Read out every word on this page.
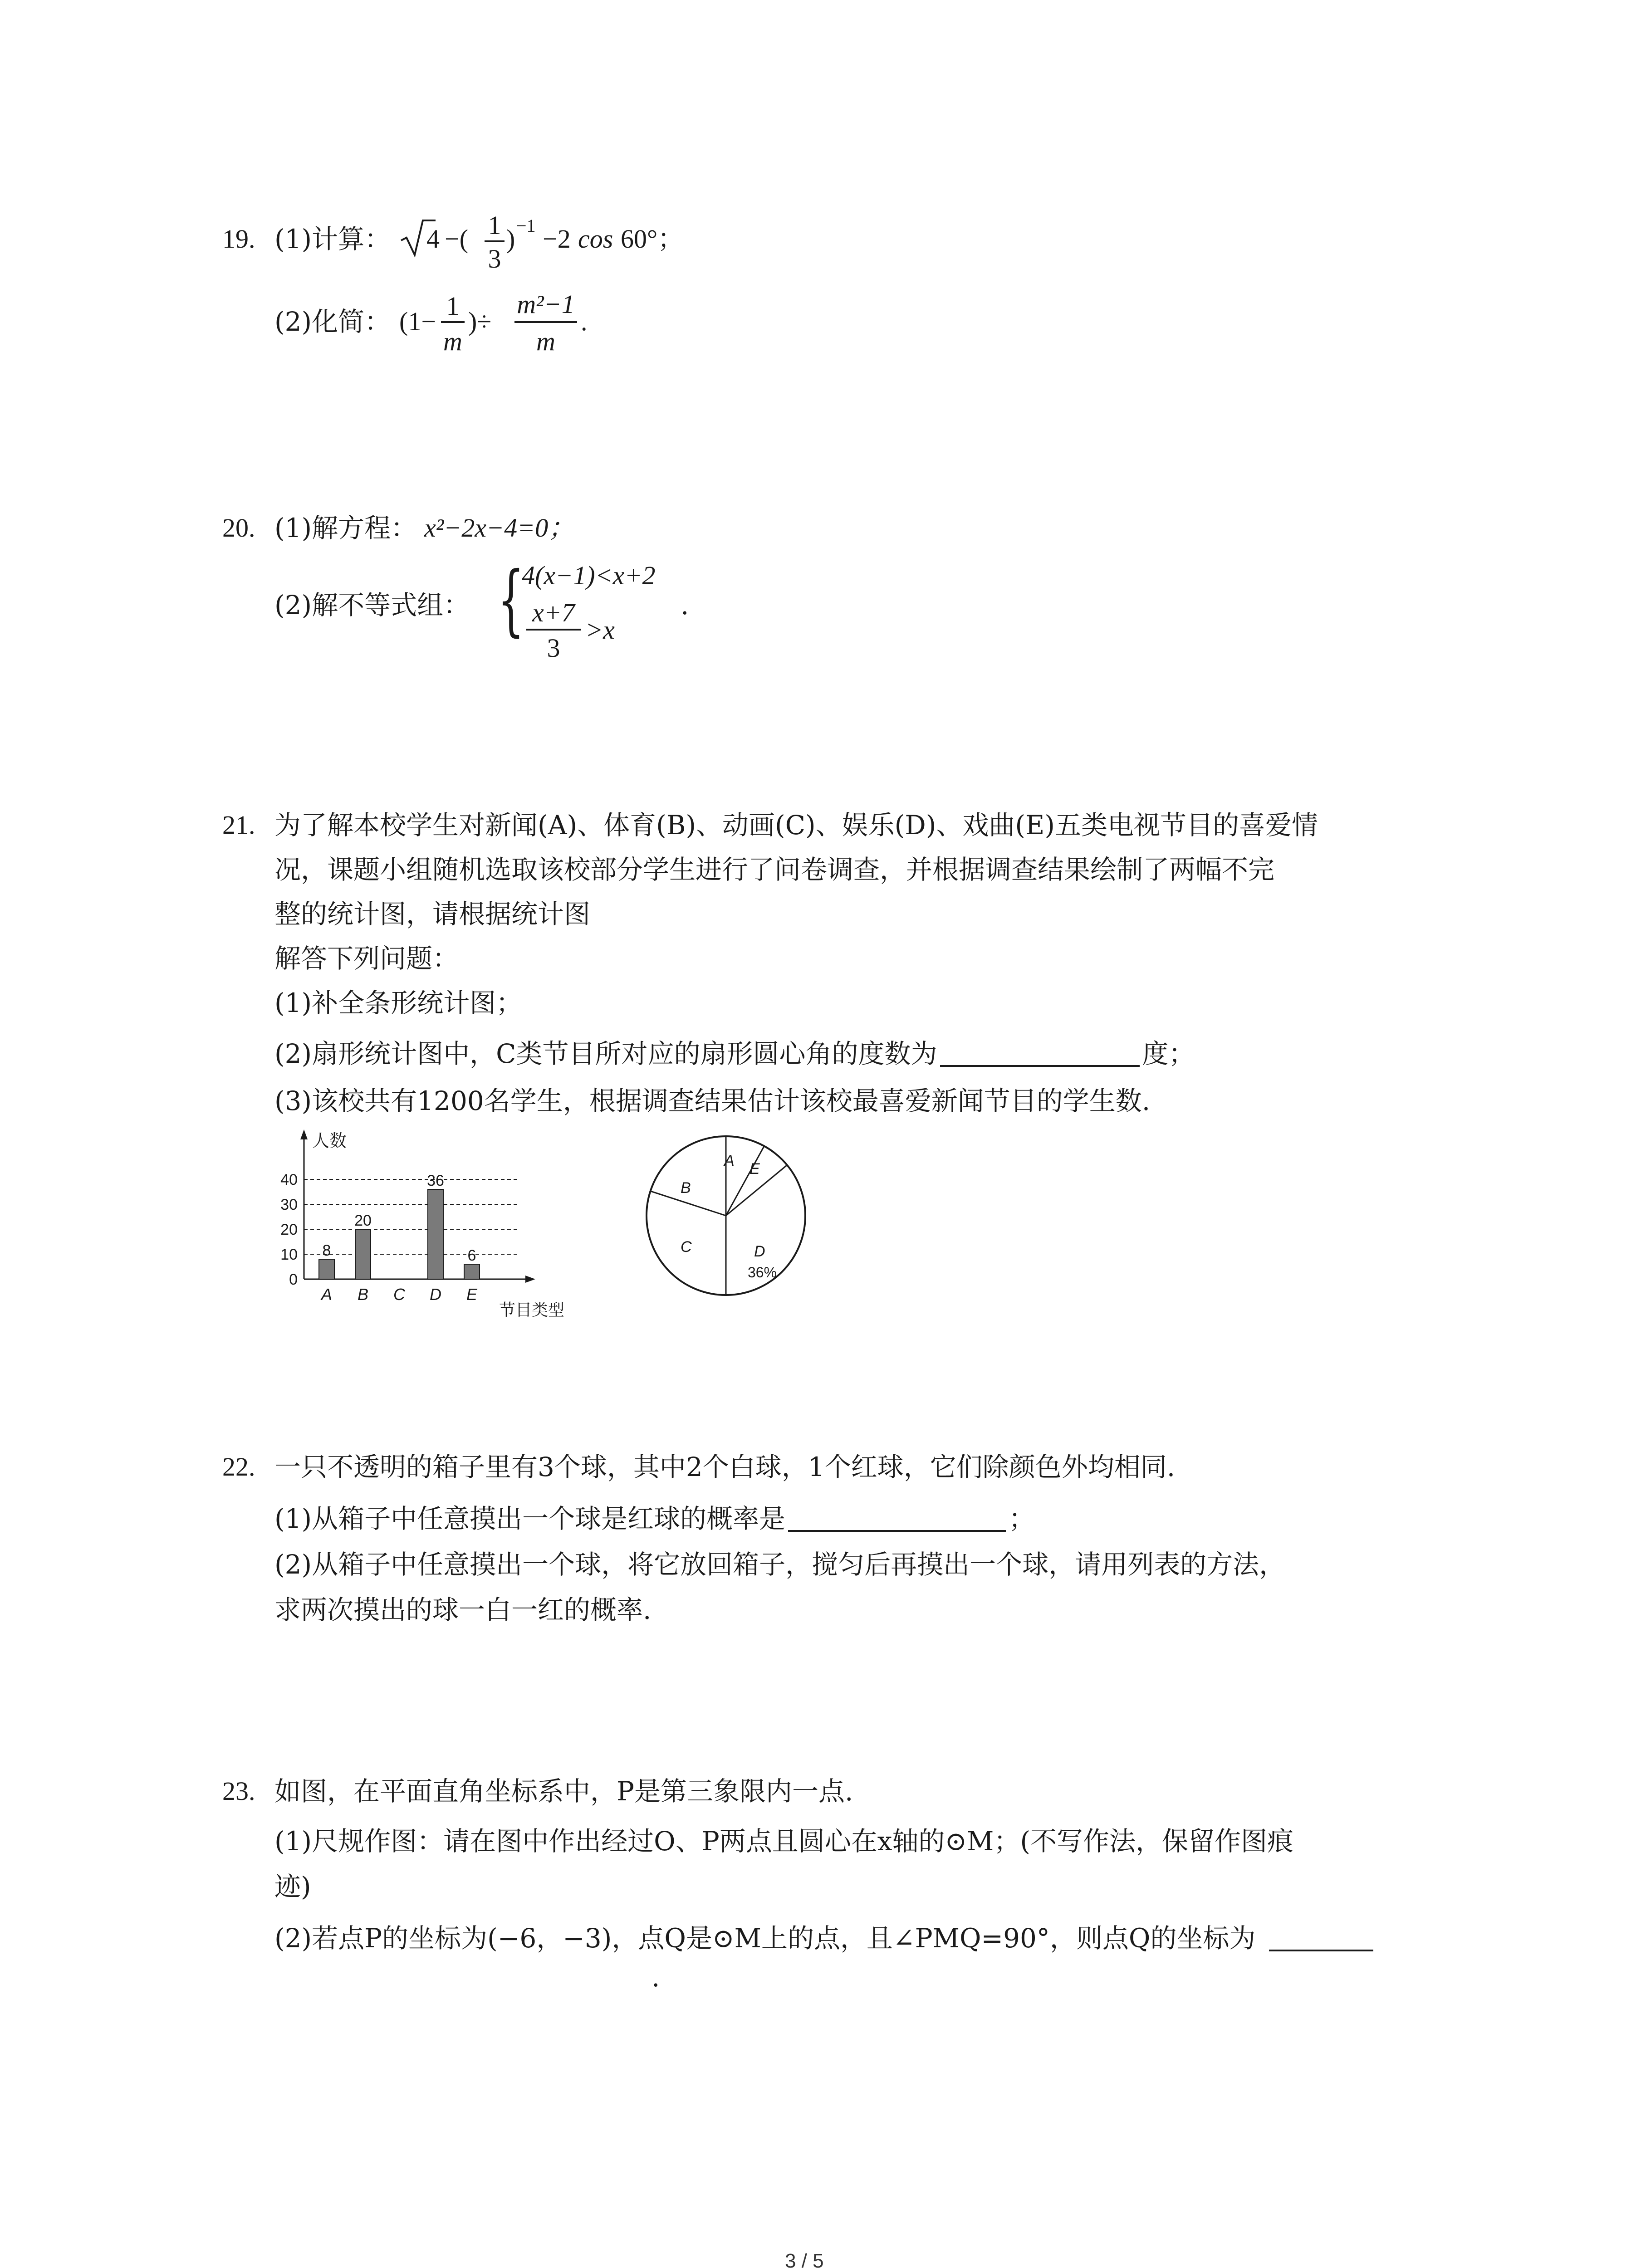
19. (1)计算： 4 −( 1
3
) −1 −2 cos 60°；
(2)化简： (1−
1
m
)÷
m²−1
m
.
20. (1)解方程： x²−2x−4=0；
(2)解不等式组： {
4(x−1)<x+2
x+7
3
>x
.
21. 为了解本校学生对新闻(A)、体育(B)、动画(C)、娱乐(D)、戏曲(E)五类电视节目的喜爱情
况，课题小组随机选取该校部分学生进行了问卷调查，并根据调查结果绘制了两幅不完
整的统计图，请根据统计图
解答下列问题：
(1)补全条形统计图；
(2)扇形统计图中，C类节目所对应的扇形圆心角的度数为	度；
(3)该校共有1200名学生，根据调查结果估计该校最喜爱新闻节目的学生数.
0
10
20
30
40
人数
节目类型
8
A
20
B C
36
D
6
E
A E
D
C
B
36%
22. 一只不透明的箱子里有3个球，其中2个白球，1个红球，它们除颜色外均相同.
(1)从箱子中任意摸出一个球是红球的概率是	；
(2)从箱子中任意摸出一个球，将它放回箱子，搅匀后再摸出一个球，请用列表的方法，
求两次摸出的球一白一红的概率.
23. 如图，在平面直角坐标系中，P是第三象限内一点.
(1)尺规作图：请在图中作出经过O、P两点且圆心在x轴的⊙M；(不写作法，保留作图痕
迹)
(2)若点P的坐标为(−6，−3)，点Q是⊙M上的点，且∠PMQ=90°，则点Q的坐标为
.
3 / 5
